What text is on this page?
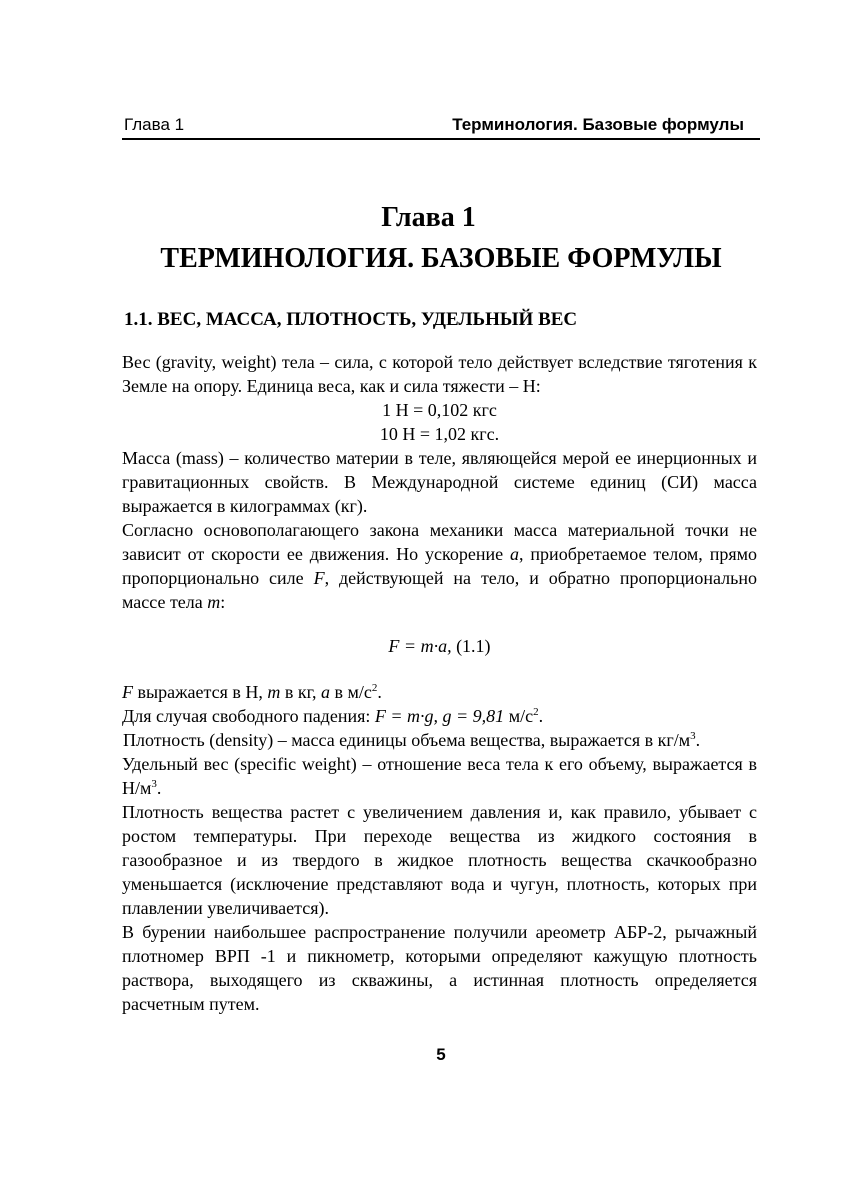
Глава 1	Терминология. Базовые формулы
Глава 1
ТЕРМИНОЛОГИЯ. БАЗОВЫЕ ФОРМУЛЫ
1.1. ВЕС, МАССА, ПЛОТНОСТЬ, УДЕЛЬНЫЙ ВЕС

Вес (gravity, weight) тела – сила, с которой тело действует вследствие тяготения к Земле на опору. Единица веса, как и сила тяжести – Н:

1 Н = 0,102 кгс

10 Н = 1,02 кгс.

Масса (mass) – количество материи в теле, являющейся мерой ее инерционных и гравитационных свойств. В Международной системе единиц (СИ) масса выражается в килограммах (кг).

Согласно основополагающего закона механики масса материальной точки не зависит от скорости ее движения. Но ускорение a, приобретаемое телом, прямо пропорционально силе F, действующей на тело, и обратно пропорционально массе тела m:

F = m·a, (1.1)

F выражается в Н, m в кг, a в $м/с^2$.

Для случая свободного падения: F = m·g, g = 9,81 $м/с^2$.

Плотность (density) – масса единицы объема вещества, выражается в $кг/м^3$.

Удельный вес (specific weight) – отношение веса тела к его объему, выражается в $Н/м^3$.

Плотность вещества растет с увеличением давления и, как правило, убывает с ростом температуры. При переходе вещества из жидкого состояния в газообразное и из твердого в жидкое плотность вещества скачкообразно уменьшается (исключение представляют вода и чугун, плотность, которых при плавлении увеличивается).

В бурении наибольшее распространение получили ареометр АБР-2, рычажный плотномер ВРП -1 и пикнометр, которыми определяют кажущую плотность раствора, выходящего из скважины, а истинная плотность определяется расчетным путем.

5
